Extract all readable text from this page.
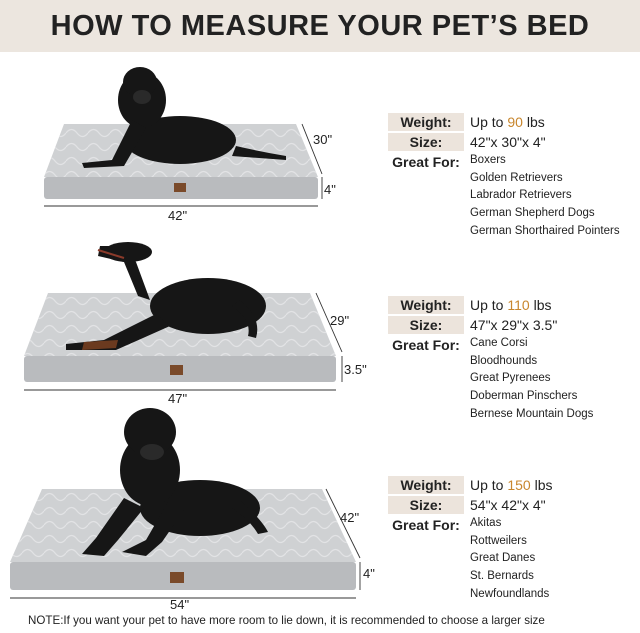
HOW TO MEASURE YOUR PET’S BED
30"
4"
42"
29"
3.5"
47"
42"
4"
54"
Weight:	Up to 90 lbs
Size:	42"x 30"x 4"
Great For: Boxers
Golden Retrievers
Labrador Retrievers
German Shepherd Dogs
German Shorthaired Pointers
Weight:	Up to 110 lbs
Size:	47"x 29"x 3.5"
Great For: Cane Corsi
Bloodhounds
Great Pyrenees
Doberman Pinschers
Bernese Mountain Dogs
Weight:	Up to 150 lbs
Size:	54"x 42"x 4"
Great For: Akitas
Rottweilers
Great Danes
St. Bernards
Newfoundlands
NOTE:If you want your pet to have more room to lie down, it is recommended to choose a larger size
